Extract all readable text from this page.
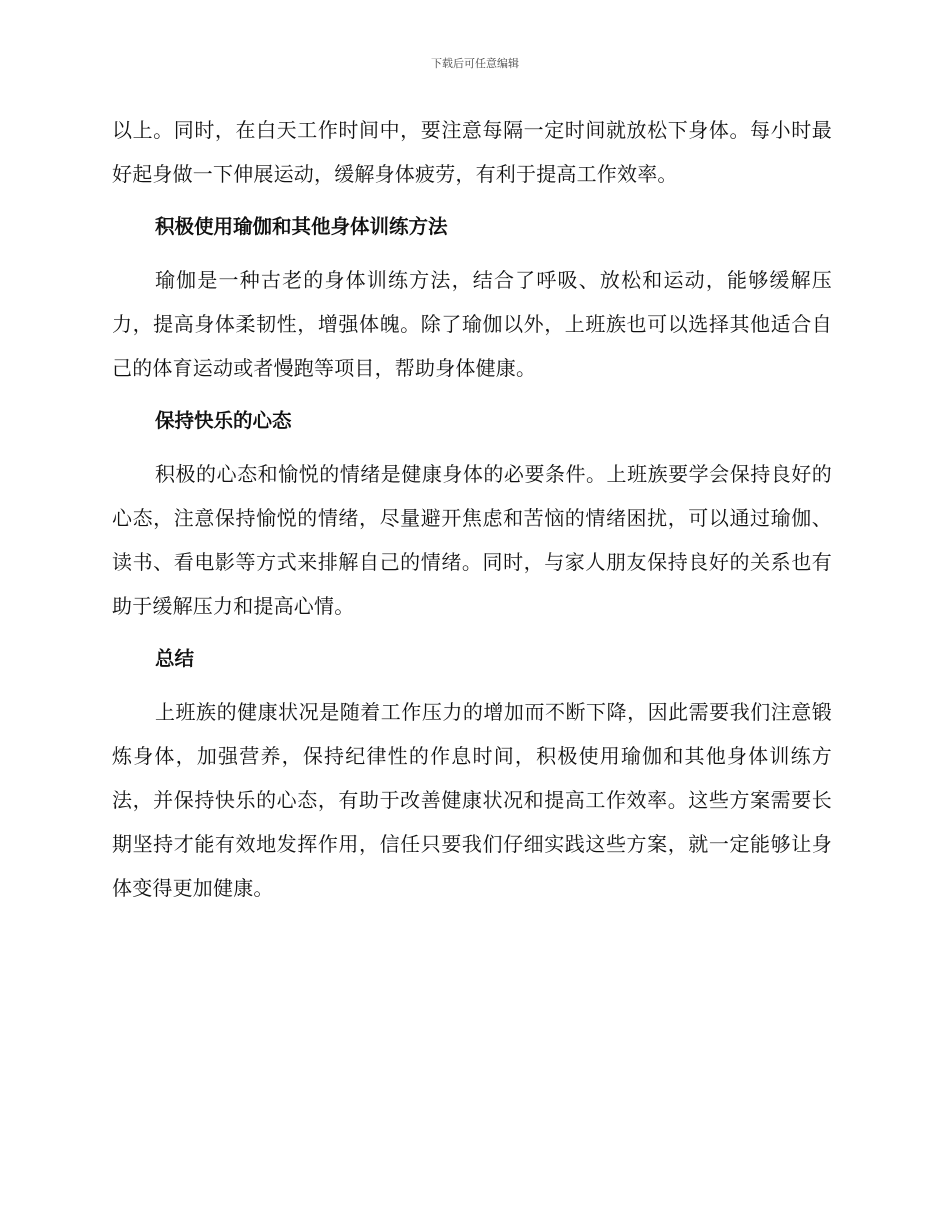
下载后可任意编辑

以上。同时，在白天工作时间中，要注意每隔一定时间就放松下身体。每小时最好起身做一下伸展运动，缓解身体疲劳，有利于提高工作效率。

积极使用瑜伽和其他身体训练方法

瑜伽是一种古老的身体训练方法，结合了呼吸、放松和运动，能够缓解压力，提高身体柔韧性，增强体魄。除了瑜伽以外，上班族也可以选择其他适合自己的体育运动或者慢跑等项目，帮助身体健康。

保持快乐的心态

积极的心态和愉悦的情绪是健康身体的必要条件。上班族要学会保持良好的心态，注意保持愉悦的情绪，尽量避开焦虑和苦恼的情绪困扰，可以通过瑜伽、读书、看电影等方式来排解自己的情绪。同时，与家人朋友保持良好的关系也有助于缓解压力和提高心情。

总结

上班族的健康状况是随着工作压力的增加而不断下降，因此需要我们注意锻炼身体，加强营养，保持纪律性的作息时间，积极使用瑜伽和其他身体训练方法，并保持快乐的心态，有助于改善健康状况和提高工作效率。这些方案需要长期坚持才能有效地发挥作用，信任只要我们仔细实践这些方案，就一定能够让身体变得更加健康。
